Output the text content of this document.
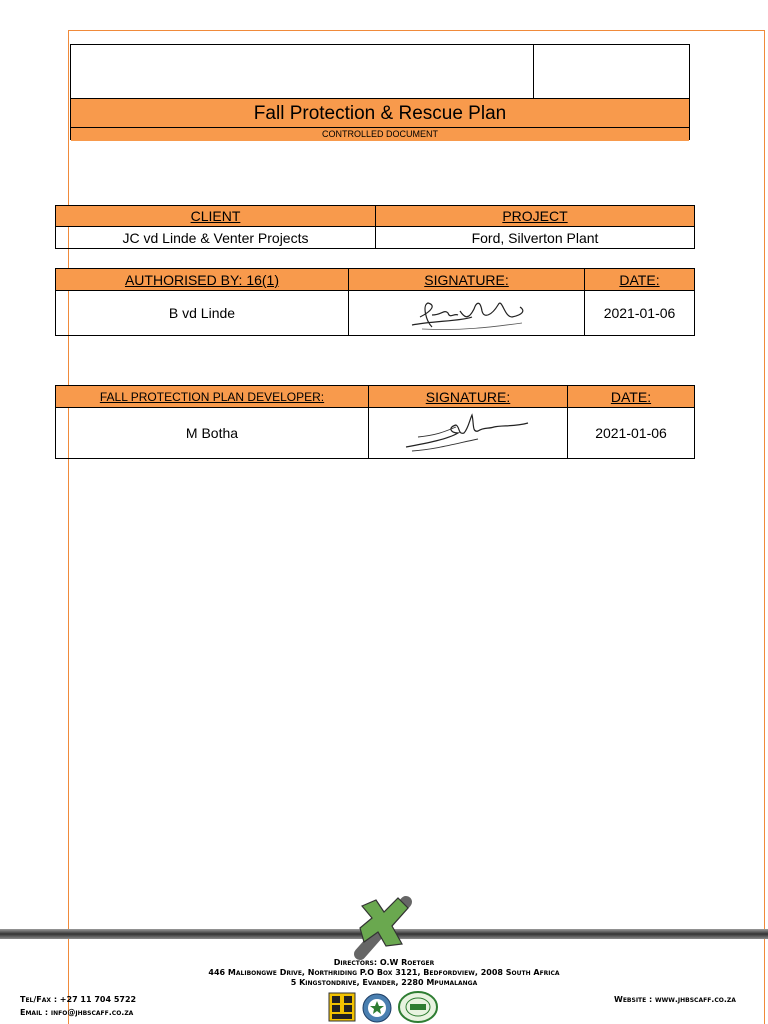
Fall Protection & Rescue Plan
CONTROLLED DOCUMENT
CLIENT	PROJECT
JC vd Linde & Venter Projects	Ford, Silverton Plant
AUTHORISED BY: 16(1)	SIGNATURE:	DATE:
B vd Linde		2021-01-06
FALL PROTECTION PLAN DEVELOPER:	SIGNATURE:	DATE:
M Botha		2021-01-06
Directors: O.W Roetger
446 Malibongwe Drive, Northriding P.O Box 3121, Bedfordview, 2008 South Africa
5 Kingstondrive, Evander, 2280 Mpumalanga
Tel/Fax : +27 11 704 5722
Email : info@jhbscaff.co.za
Website : www.jhbscaff.co.za
